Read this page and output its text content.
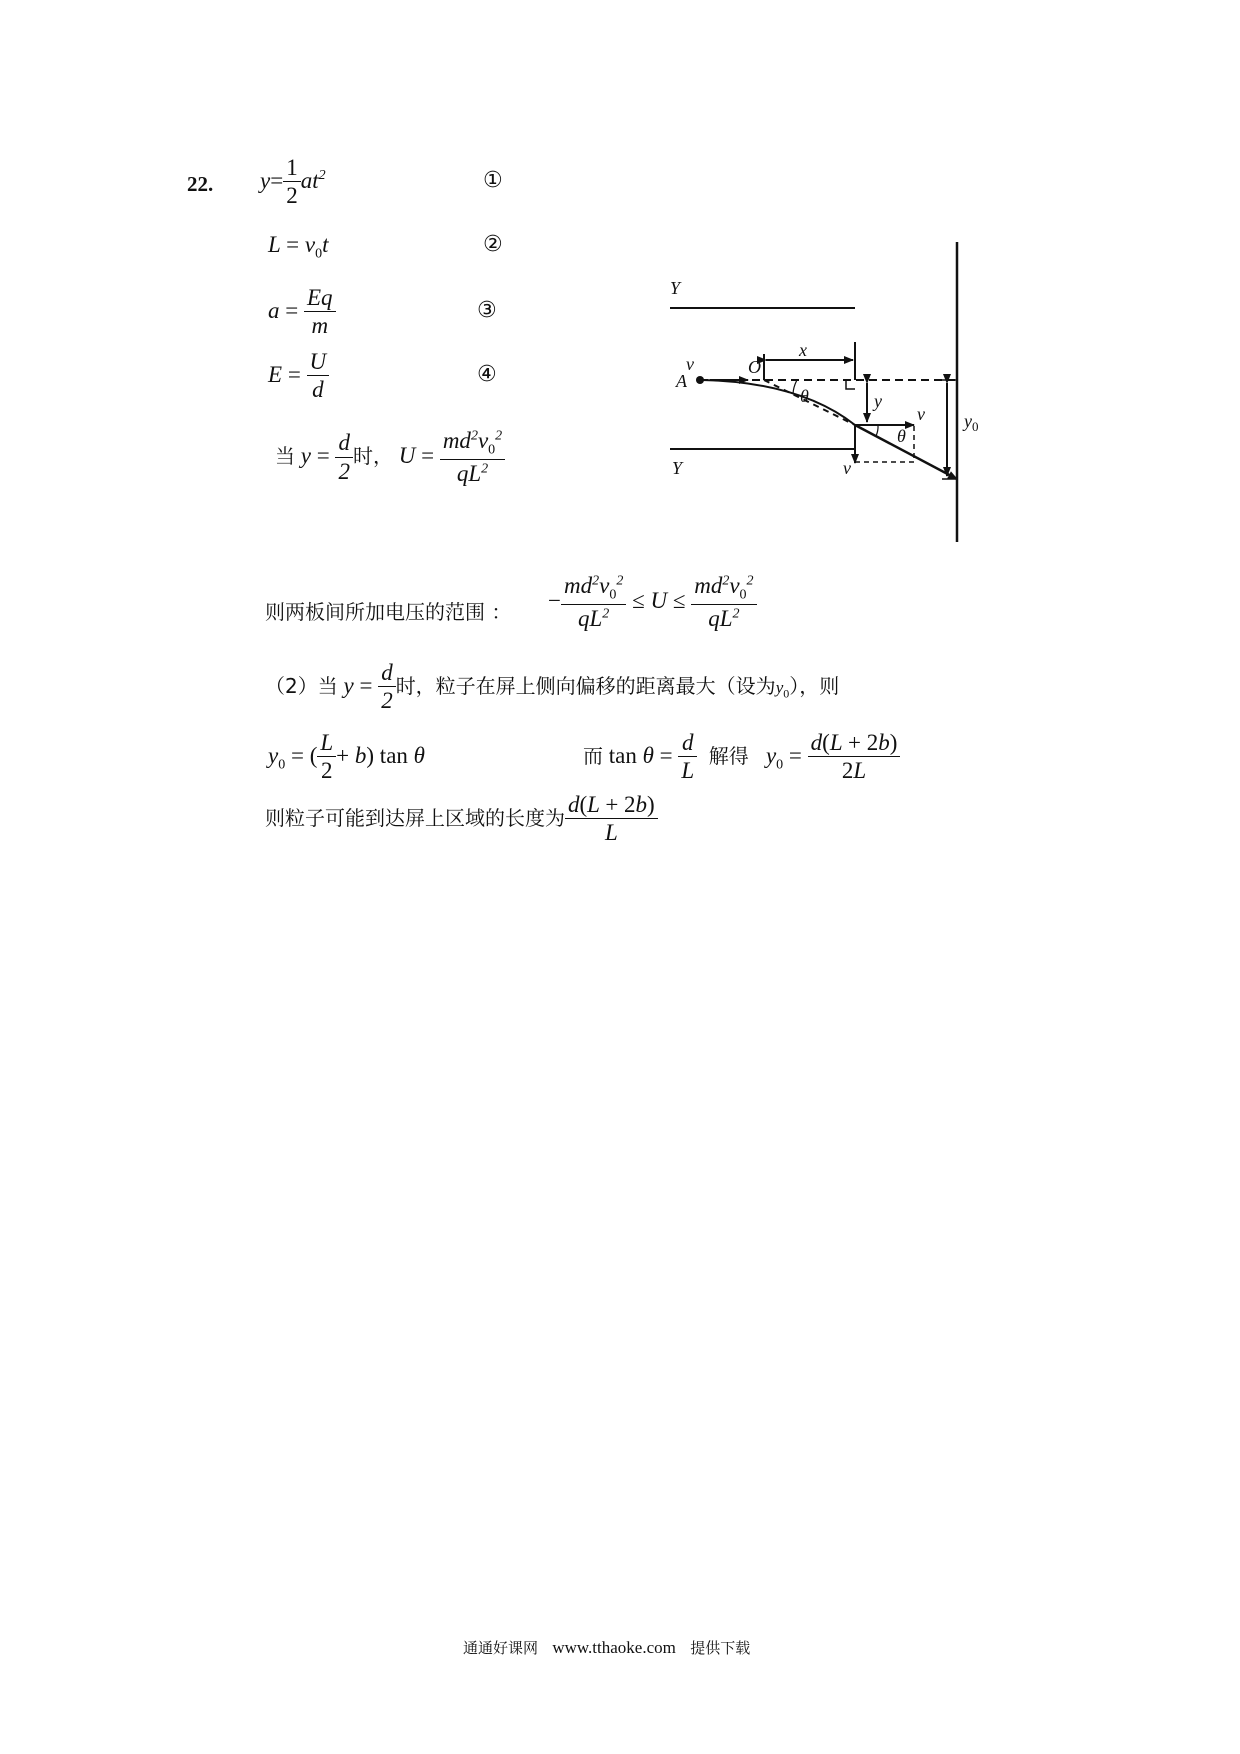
22. $y= \frac{1}{2} at^2$	①
$L = v_0t$	②
$a = \frac{Eq}{m}$	③
$E = \frac{U}{d}$	④
当 $y = \frac{d}{2}$ 时， $U = \frac{md^2v_0^2}{qL^2}$
则两板间所加电压的范围 ： − $\frac{md^2v_0^2}{qL^2} \le U \le \frac{md^2v_0^2}{qL^2}$
（2）当 $y = \frac{d}{2}$ 时，粒子在屏上侧向偏移的距离最大（设为$y_0$），则
$y_0$ = ( $\frac{L}{2} + b$) tan θ	而 $\tan \theta = \frac{d}{L}$ 解得   $y_0 = \frac{d(L + 2b)}{2L}$
则粒子可能到达屏上区域的长度为 $\frac{d(L + 2b)}{L}$
Y
Y
A
O
v
x
y
θ
θ
v
v
$y_0$
通通好课网 www.tthaoke.com 提供下载
